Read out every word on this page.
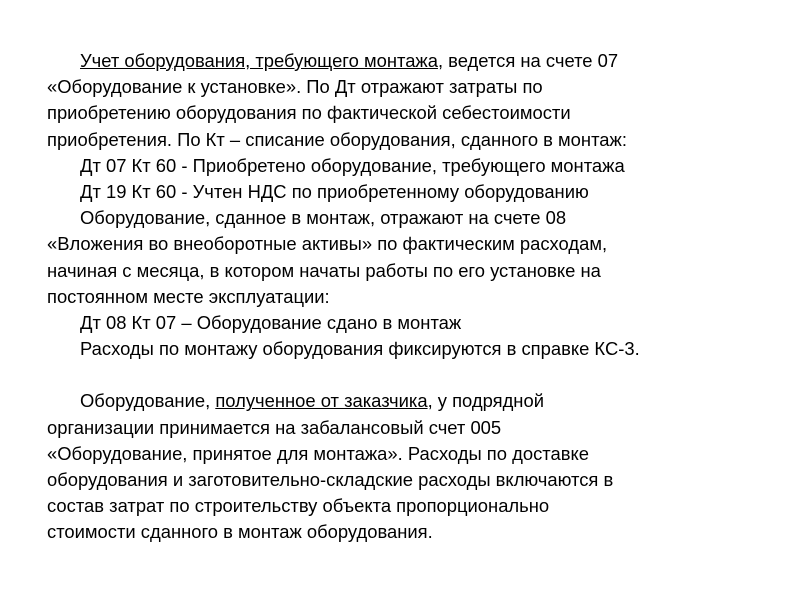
Учет оборудования, требующего монтажа, ведется на счете 07

«Оборудование к установке». По Дт отражают затраты по

приобретению оборудования по фактической себестоимости

приобретения. По Кт – списание оборудования, сданного в монтаж:

Дт 07 Кт 60 - Приобретено оборудование, требующего монтажа

Дт 19 Кт 60 - Учтен НДС по приобретенному оборудованию

Оборудование, сданное в монтаж, отражают на счете 08

«Вложения во внеоборотные активы» по фактическим расходам,

начиная с месяца, в котором начаты работы по его установке на

постоянном месте эксплуатации:

Дт 08 Кт 07 – Оборудование сдано в монтаж

Расходы по монтажу оборудования фиксируются в справке КС-3.

Оборудование, полученное от заказчика, у подрядной

организации принимается на забалансовый счет 005

«Оборудование, принятое для монтажа». Расходы по доставке

оборудования и заготовительно-складские расходы включаются в

состав затрат по строительству объекта пропорционально

стоимости сданного в монтаж оборудования.
